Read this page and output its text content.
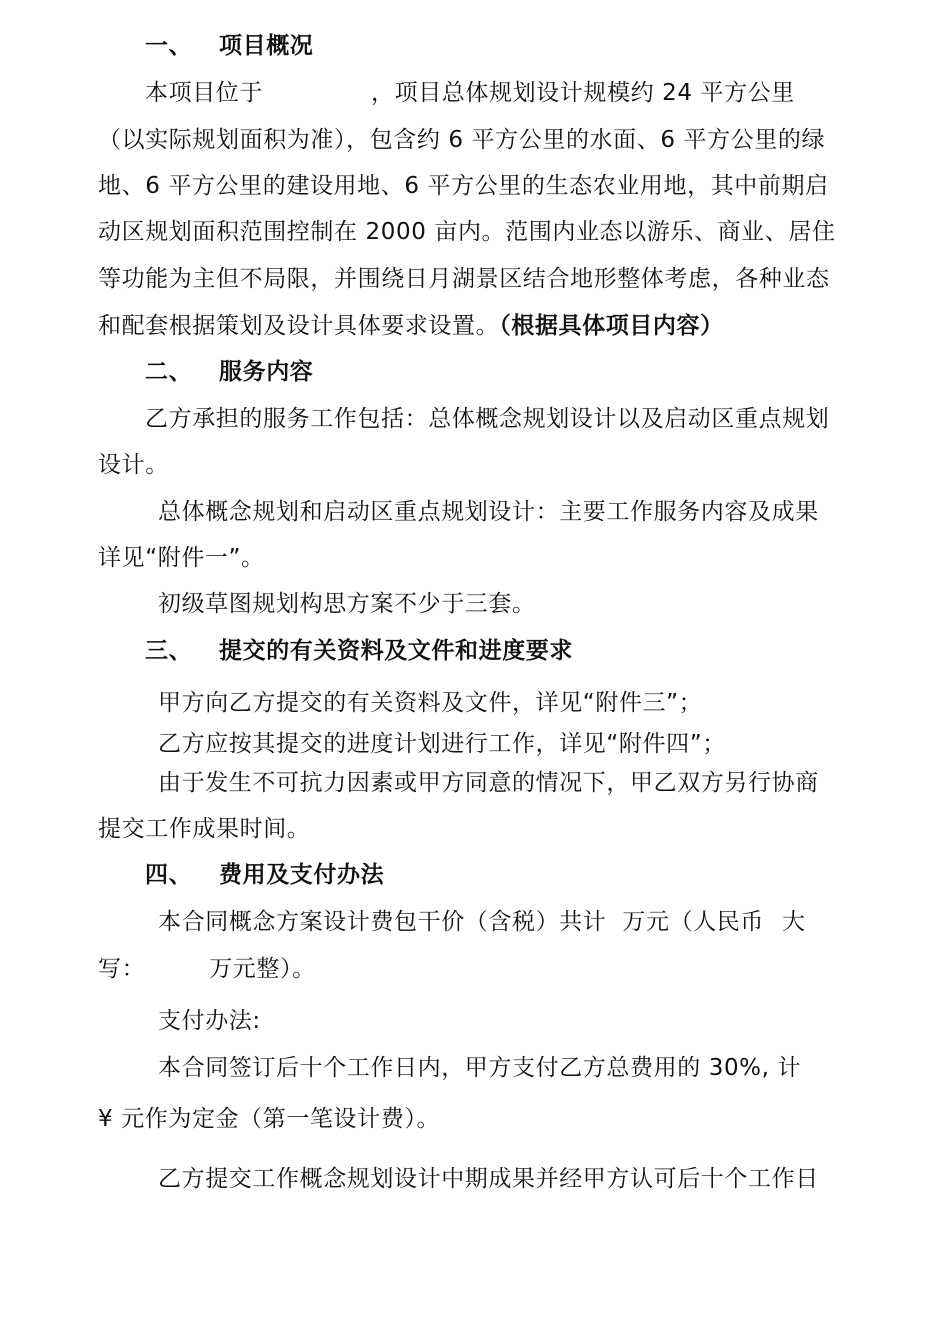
一、 项目概况
本项目位于	，项目总体规划设计规模约 24 平方公里
（以实际规划面积为准），包含约 6 平方公里的水面、6 平方公里的绿
地、6 平方公里的建设用地、6 平方公里的生态农业用地，其中前期启
动区规划面积范围控制在 2000 亩内。范围内业态以游乐、商业、居住
等功能为主但不局限，并围绕日月湖景区结合地形整体考虑，各种业态
和配套根据策划及设计具体要求设置。（根据具体项目内容）
二、 服务内容
乙方承担的服务工作包括：总体概念规划设计以及启动区重点规划
设计。
总体概念规划和启动区重点规划设计：主要工作服务内容及成果
详见“附件一”。
初级草图规划构思方案不少于三套。
三、 提交的有关资料及文件和进度要求
甲方向乙方提交的有关资料及文件，详见“附件三”；
乙方应按其提交的进度计划进行工作，详见“附件四”；
由于发生不可抗力因素或甲方同意的情况下，甲乙双方另行协商
提交工作成果时间。
四、 费用及支付办法
本合同概念方案设计费包干价（含税）共计 万元（人民币 大
写：	万元整）。
支付办法:
本合同签订后十个工作日内，甲方支付乙方总费用的 30%, 计
¥ 元作为定金（第一笔设计费）。
乙方提交工作概念规划设计中期成果并经甲方认可后十个工作日
